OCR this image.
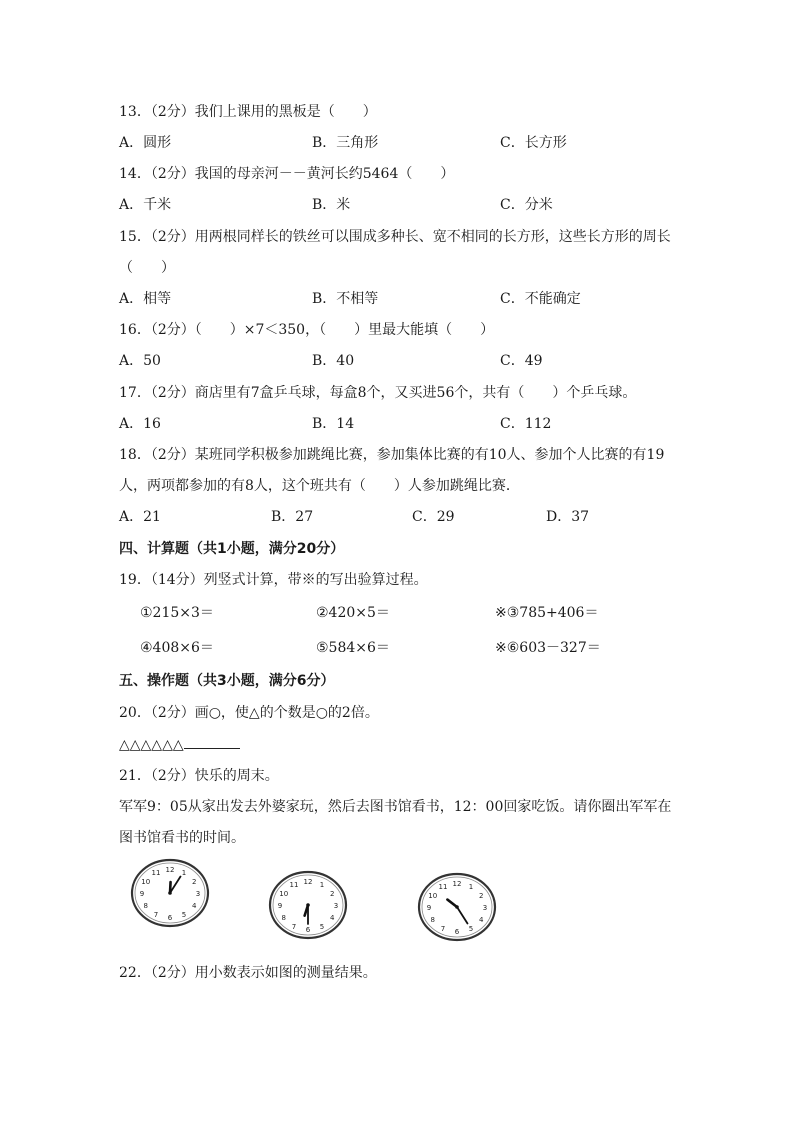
13．（2分）我们上课用的黑板是（　　）
A．圆形	B．三角形	C．长方形
14．（2分）我国的母亲河－－黄河长约5464（　　）
A．千米	B．米	C．分米
15．（2分）用两根同样长的铁丝可以围成多种长、宽不相同的长方形，这些长方形的周长
（　　）
A．相等	B．不相等	C．不能确定
16．（2分）（　　）×7＜350，（　　）里最大能填（　　）
A．50	B．40	C．49
17．（2分）商店里有7盒乒乓球，每盒8个，又买进56个，共有（　　）个乒乓球。
A．16	B．14	C．112
18．（2分）某班同学积极参加跳绳比赛，参加集体比赛的有10人、参加个人比赛的有19
人，两项都参加的有8人，这个班共有（　　）人参加跳绳比赛．
A．21	B．27	C．29	D．37
四、计算题（共1小题，满分20分）
19．（14分）列竖式计算，带※的写出验算过程。
①215×3＝	②420×5＝	※③785+406＝
④408×6＝	⑤584×6＝	※⑥603－327＝
五、操作题（共3小题，满分6分）
20．（2分）画○，使△的个数是○的2倍。
△△△△△△
21．（2分）快乐的周末。
军军9：05从家出发去外婆家玩，然后去图书馆看书，12：00回家吃饭。请你圈出军军在
图书馆看书的时间。
12 1
2
3
4
5
6
7
8
9
10
11
12 1
2
3
4
5
6
7
8
9
10
11	12 1
2
3
4
5
6
7
8
9
10
11
22．（2分）用小数表示如图的测量结果。
